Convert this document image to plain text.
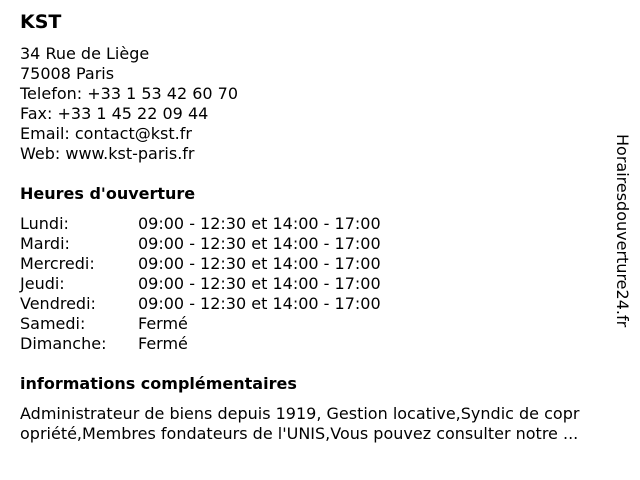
KST
34 Rue de Liège
75008 Paris
Telefon: +33 1 53 42 60 70
Fax: +33 1 45 22 09 44
Email: contact@kst.fr
Web: www.kst-paris.fr
Heures d'ouverture
Lundi:	09:00 - 12:30 et 14:00 - 17:00
Mardi:	09:00 - 12:30 et 14:00 - 17:00
Mercredi:	09:00 - 12:30 et 14:00 - 17:00
Jeudi:	09:00 - 12:30 et 14:00 - 17:00
Vendredi:	09:00 - 12:30 et 14:00 - 17:00
Samedi:	Fermé
Dimanche: Fermé
informations complémentaires
Administrateur de biens depuis 1919, Gestion locative,Syndic de copr
opriété,Membres fondateurs de l'UNIS,Vous pouvez consulter notre ...
Horairesdouverture24.fr
